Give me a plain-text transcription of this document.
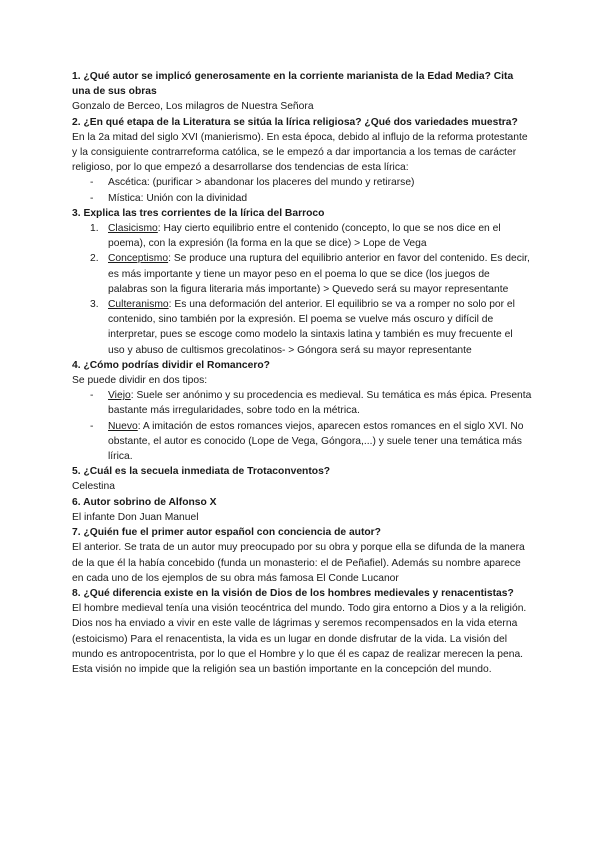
1. ¿Qué autor se implicó generosamente en la corriente marianista de la Edad Media? Cita una de sus obras

Gonzalo de Berceo, Los milagros de Nuestra Señora

2. ¿En qué etapa de la Literatura se sitúa la lírica religiosa? ¿Qué dos variedades muestra?

En la 2a mitad del siglo XVI (manierismo). En esta época, debido al influjo de la reforma protestante y la consiguiente contrarreforma católica, se le empezó a dar importancia a los temas de carácter religioso, por lo que empezó a desarrollarse dos tendencias de esta lírica:

- Ascética: (purificar > abandonar los placeres del mundo y retirarse)
- Mística: Unión con la divinidad

3. Explica las tres corrientes de la lírica del Barroco

1. Clasicismo: Hay cierto equilibrio entre el contenido (concepto, lo que se nos dice en el poema), con la expresión (la forma en la que se dice) > Lope de Vega
2. Conceptismo: Se produce una ruptura del equilibrio anterior en favor del contenido. Es decir, es más importante y tiene un mayor peso en el poema lo que se dice (los juegos de palabras son la figura literaria más importante) > Quevedo será su mayor representante
3. Culteranismo: Es una deformación del anterior. El equilibrio se va a romper no solo por el contenido, sino también por la expresión. El poema se vuelve más oscuro y difícil de interpretar, pues se escoge como modelo la sintaxis latina y también es muy frecuente el uso y abuso de cultismos grecolatinos- > Góngora será su mayor representante

4. ¿Cómo podrías dividir el Romancero?

Se puede dividir en dos tipos:

- Viejo: Suele ser anónimo y su procedencia es medieval. Su temática es más épica. Presenta bastante más irregularidades, sobre todo en la métrica.
- Nuevo: A imitación de estos romances viejos, aparecen estos romances en el siglo XVI. No obstante, el autor es conocido (Lope de Vega, Góngora,...) y suele tener una temática más lírica.

5. ¿Cuál es la secuela inmediata de Trotaconventos?

Celestina

6. Autor sobrino de Alfonso X

El infante Don Juan Manuel

7. ¿Quién fue el primer autor español con conciencia de autor?

El anterior. Se trata de un autor muy preocupado por su obra y porque ella se difunda de la manera de la que él la había concebido (funda un monasterio: el de Peñafiel). Además su nombre aparece en cada uno de los ejemplos de su obra más famosa El Conde Lucanor

8. ¿Qué diferencia existe en la visión de Dios de los hombres medievales y renacentistas?

El hombre medieval tenía una visión teocéntrica del mundo. Todo gira entorno a Dios y a la religión. Dios nos ha enviado a vivir en este valle de lágrimas y seremos recompensados en la vida eterna (estoicismo) Para el renacentista, la vida es un lugar en donde disfrutar de la vida. La visión del mundo es antropocentrista, por lo que el Hombre y lo que él es capaz de realizar merecen la pena. Esta visión no impide que la religión sea un bastión importante en la concepción del mundo.
